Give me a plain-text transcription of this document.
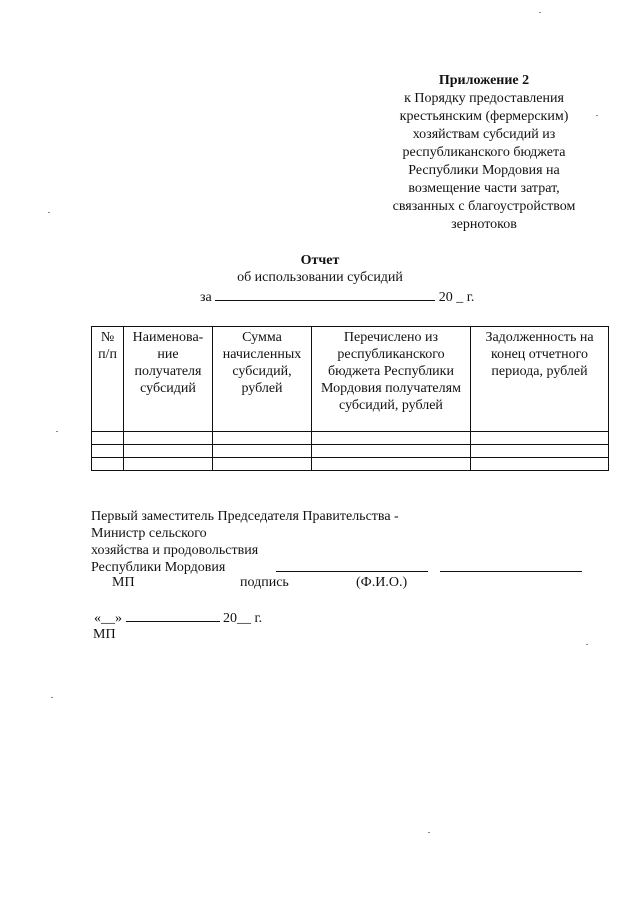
Приложение 2
к Порядку предоставления
крестьянским (фермерским)
хозяйствам субсидий из
республиканского бюджета
Республики Мордовия на
возмещение части затрат,
связанных с благоустройством
зернотоков
Отчет
об использовании субсидий
за	20 _ г.
№ п/п	Наименова-ние получателя субсидий	Сумма начисленных субсидий, рублей	Перечислено из республиканского бюджета Республики Мордовия получателям субсидий, рублей	Задолженность на конец отчетного периода, рублей

Первый заместитель Председателя Правительства -
Министр сельского
хозяйства и продовольствия
Республики Мордовия
МП	подпись	(Ф.И.О.)
«__»	20__ г.
МП
